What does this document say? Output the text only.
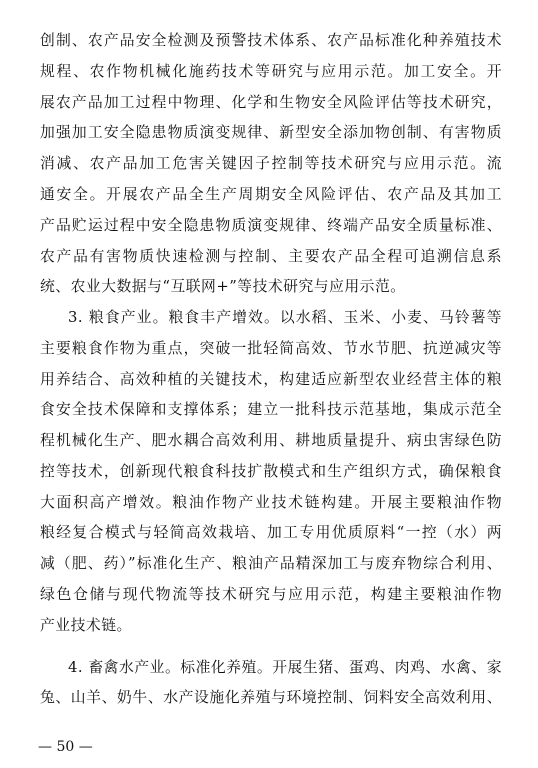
创制、农产品安全检测及预警技术体系、农产品标准化种养殖技术
规程、农作物机械化施药技术等研究与应用示范。加工安全。开
展农产品加工过程中物理、化学和生物安全风险评估等技术研究，
加强加工安全隐患物质演变规律、新型安全添加物创制、有害物质
消减、农产品加工危害关键因子控制等技术研究与应用示范。流
通安全。开展农产品全生产周期安全风险评估、农产品及其加工
产品贮运过程中安全隐患物质演变规律、终端产品安全质量标准、
农产品有害物质快速检测与控制、主要农产品全程可追溯信息系
统、农业大数据与“互联网+”等技术研究与应用示范。
3. 粮食产业。粮食丰产增效。以水稻、玉米、小麦、马铃薯等
主要粮食作物为重点，突破一批轻简高效、节水节肥、抗逆减灾等
用养结合、高效种植的关键技术，构建适应新型农业经营主体的粮
食安全技术保障和支撑体系；建立一批科技示范基地，集成示范全
程机械化生产、肥水耦合高效利用、耕地质量提升、病虫害绿色防
控等技术，创新现代粮食科技扩散模式和生产组织方式，确保粮食
大面积高产增效。粮油作物产业技术链构建。开展主要粮油作物
粮经复合模式与轻简高效栽培、加工专用优质原料“一控（水）两
减（肥、药）”标准化生产、粮油产品精深加工与废弃物综合利用、
绿色仓储与现代物流等技术研究与应用示范，构建主要粮油作物
产业技术链。
4. 畜禽水产业。标准化养殖。开展生猪、蛋鸡、肉鸡、水禽、家
兔、山羊、奶牛、水产设施化养殖与环境控制、饲料安全高效利用、
— 50 —
